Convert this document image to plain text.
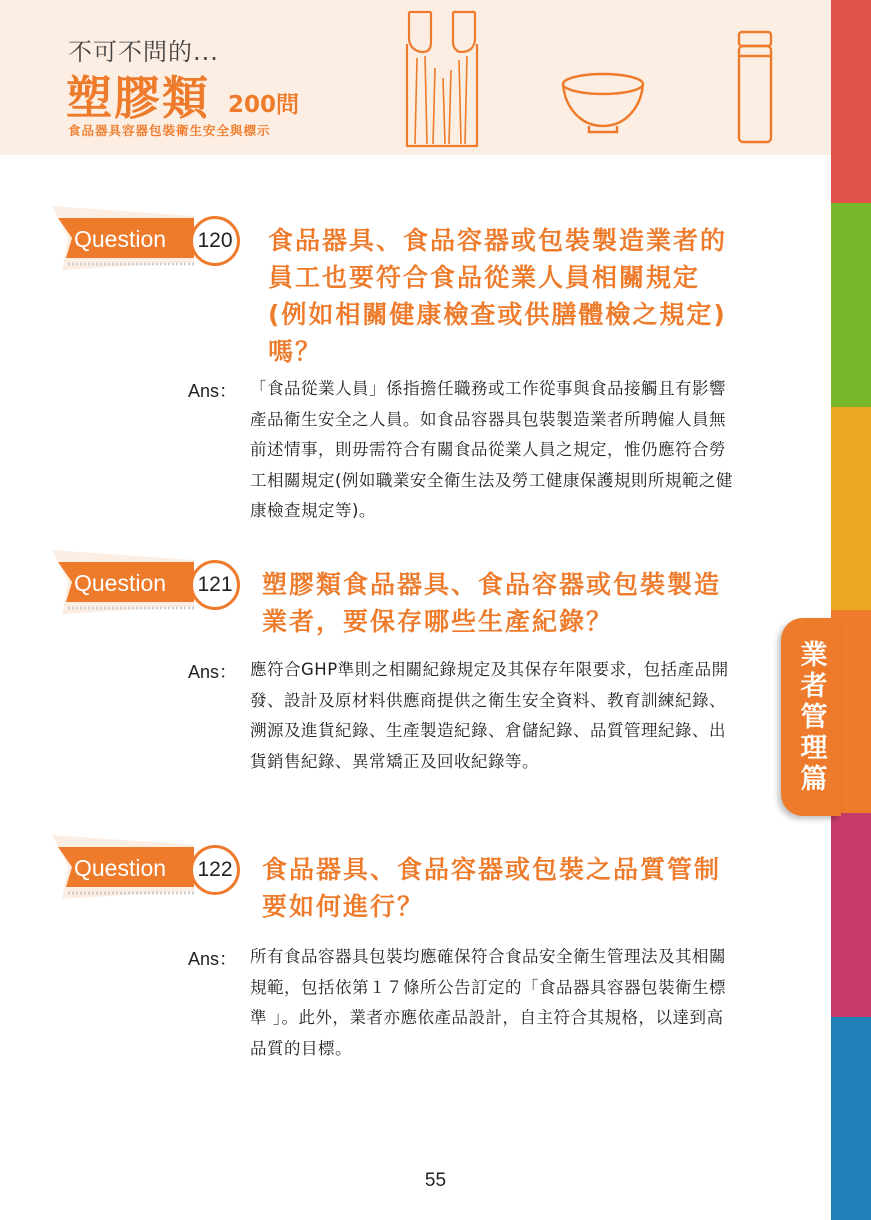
不可不問的...
塑膠類 200問
食品器具容器包裝衛生安全與標示
業者管理篇
Question	120 食品器具、食品容器或包裝製造業者的員工也要符合食品從業人員相關規定(例如相關健康檢查或供膳體檢之規定)嗎？
Ans： 「食品從業人員」係指擔任職務或工作從事與食品接觸且有影響產品衛生安全之人員。如食品容器具包裝製造業者所聘僱人員無前述情事，則毋需符合有關食品從業人員之規定，惟仍應符合勞工相關規定(例如職業安全衛生法及勞工健康保護規則所規範之健康檢查規定等)。
Question	121 塑膠類食品器具、食品容器或包裝製造業者，要保存哪些生產紀錄？
Ans： 應符合GHP準則之相關紀錄規定及其保存年限要求，包括產品開發、設計及原材料供應商提供之衛生安全資料、教育訓練紀錄、溯源及進貨紀錄、生產製造紀錄、倉儲紀錄、品質管理紀錄、出貨銷售紀錄、異常矯正及回收紀錄等。
Question	122 食品器具、食品容器或包裝之品質管制要如何進行？
Ans： 所有食品容器具包裝均應確保符合食品安全衛生管理法及其相關規範，包括依第１７條所公告訂定的「食品器具容器包裝衛生標準 」。此外，業者亦應依產品設計，自主符合其規格，以達到高品質的目標。
55
